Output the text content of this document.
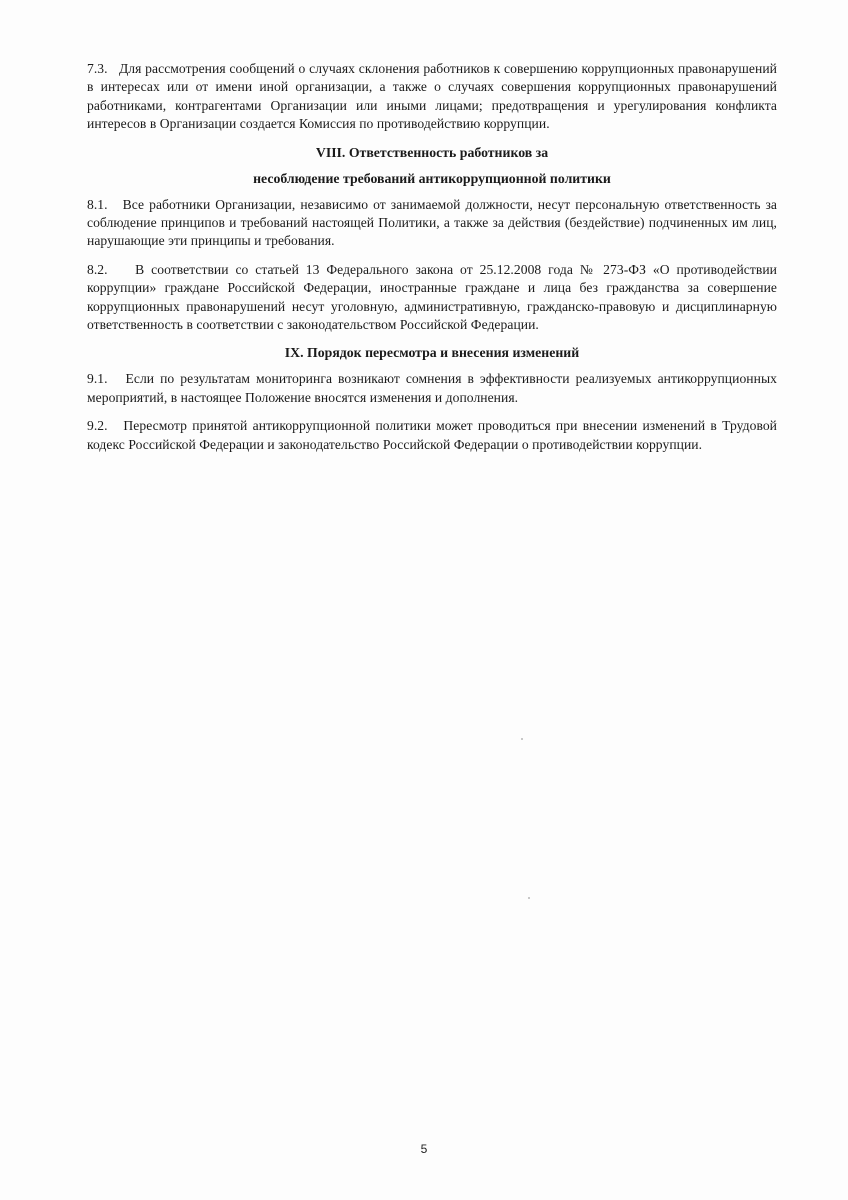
7.3. Для рассмотрения сообщений о случаях склонения работников к совершению коррупционных правонарушений в интересах или от имени иной организации, а также о случаях совершения коррупционных правонарушений работниками, контрагентами Организации или иными лицами; предотвращения и урегулирования конфликта интересов в Организации создается Комиссия по противодействию коррупции.

VIII. Ответственность работников за

несоблюдение требований антикоррупционной политики

8.1. Все работники Организации, независимо от занимаемой должности, несут персональную ответственность за соблюдение принципов и требований настоящей Политики, а также за действия (бездействие) подчиненных им лиц, нарушающие эти принципы и требования.

8.2. В соответствии со статьей 13 Федерального закона от 25.12.2008 года № 273-ФЗ «О противодействии коррупции» граждане Российской Федерации, иностранные граждане и лица без гражданства за совершение коррупционных правонарушений несут уголовную, административную, гражданско-правовую и дисциплинарную ответственность в соответствии с законодательством Российской Федерации.

IX. Порядок пересмотра и внесения изменений

9.1. Если по результатам мониторинга возникают сомнения в эффективности реализуемых антикоррупционных мероприятий, в настоящее Положение вносятся изменения и дополнения.

9.2. Пересмотр принятой антикоррупционной политики может проводиться при внесении изменений в Трудовой кодекс Российской Федерации и законодательство Российской Федерации о противодействии коррупции.

5
